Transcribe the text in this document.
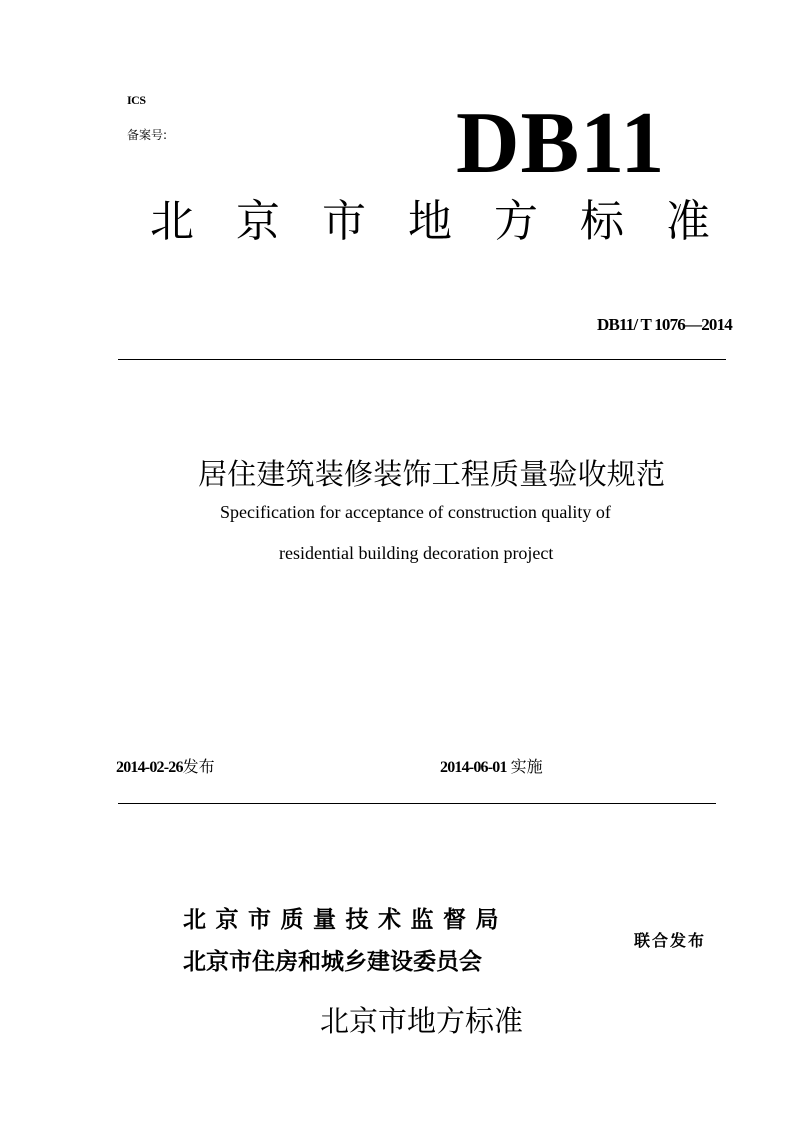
ICS
备案号:	DB11
北 京 市 地 方 标 准
DB11/ T 1076—2014
居住建筑装修装饰工程质量验收规范
Specification for acceptance of construction quality of
residential building decoration project
2014-02-26发布	2014-06-01 实施
北京市质量技术监督局
北京市住房和城乡建设委员会
联合发布
北京市地方标准
